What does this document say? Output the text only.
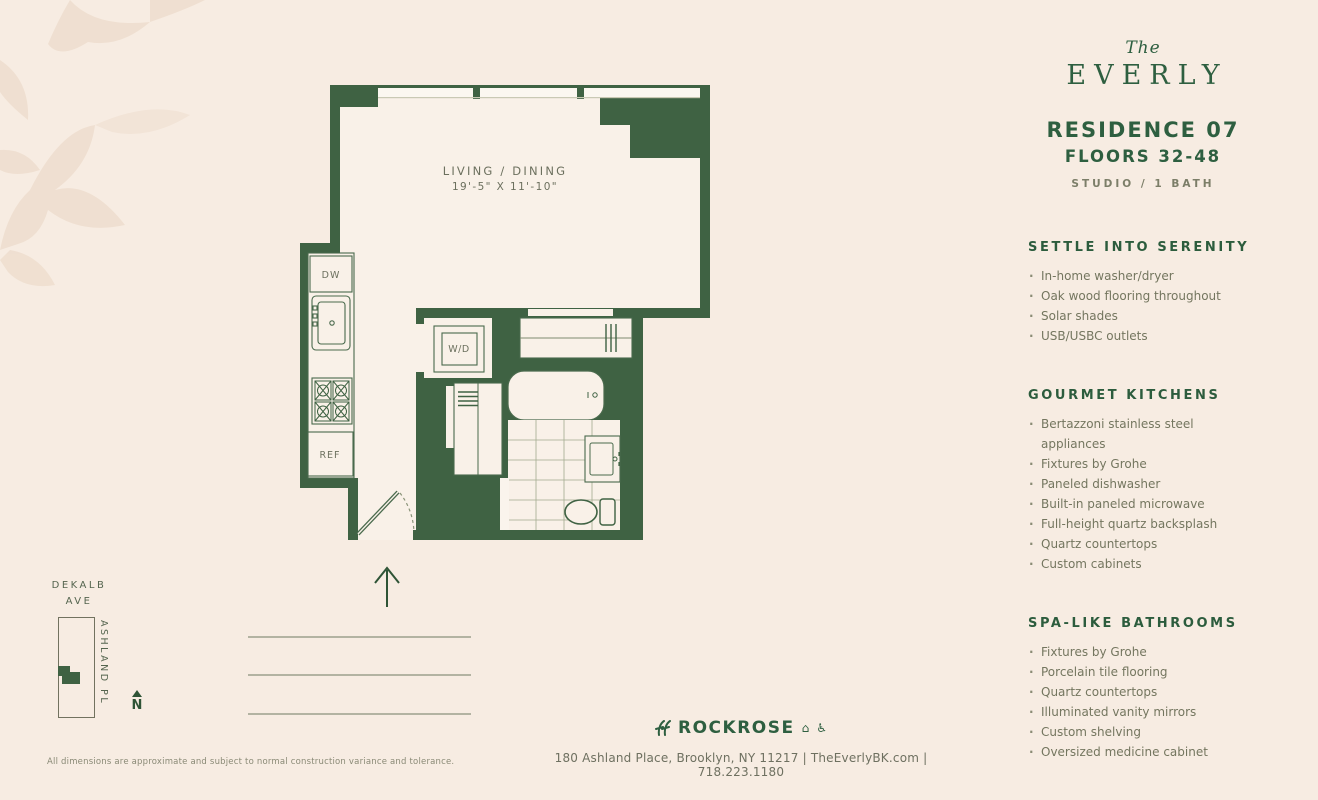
LIVING / DINING
19'-5" X 11'-10"
DW
W/D
REF
DEKALB
AVE
ASHLAND PL
N
The
EVERLY
RESIDENCE 07
FLOORS 32-48
STUDIO / 1 BATH
SETTLE INTO SERENITY
· In-home washer/dryer
· Oak wood flooring throughout
· Solar shades
· USB/USBC outlets
GOURMET KITCHENS
· Bertazzoni stainless steel appliances
· Fixtures by Grohe
· Paneled dishwasher
· Built-in paneled microwave
· Full-height quartz backsplash
· Quartz countertops
· Custom cabinets
SPA-LIKE BATHROOMS
· Fixtures by Grohe
· Porcelain tile flooring
· Quartz countertops
· Illuminated vanity mirrors
· Custom shelving
· Oversized medicine cabinet
ROCKROSE ⌂ ♿
180 Ashland Place, Brooklyn, NY 11217 | TheEverlyBK.com | 718.223.1180
All dimensions are approximate and subject to normal construction variance and tolerance.
